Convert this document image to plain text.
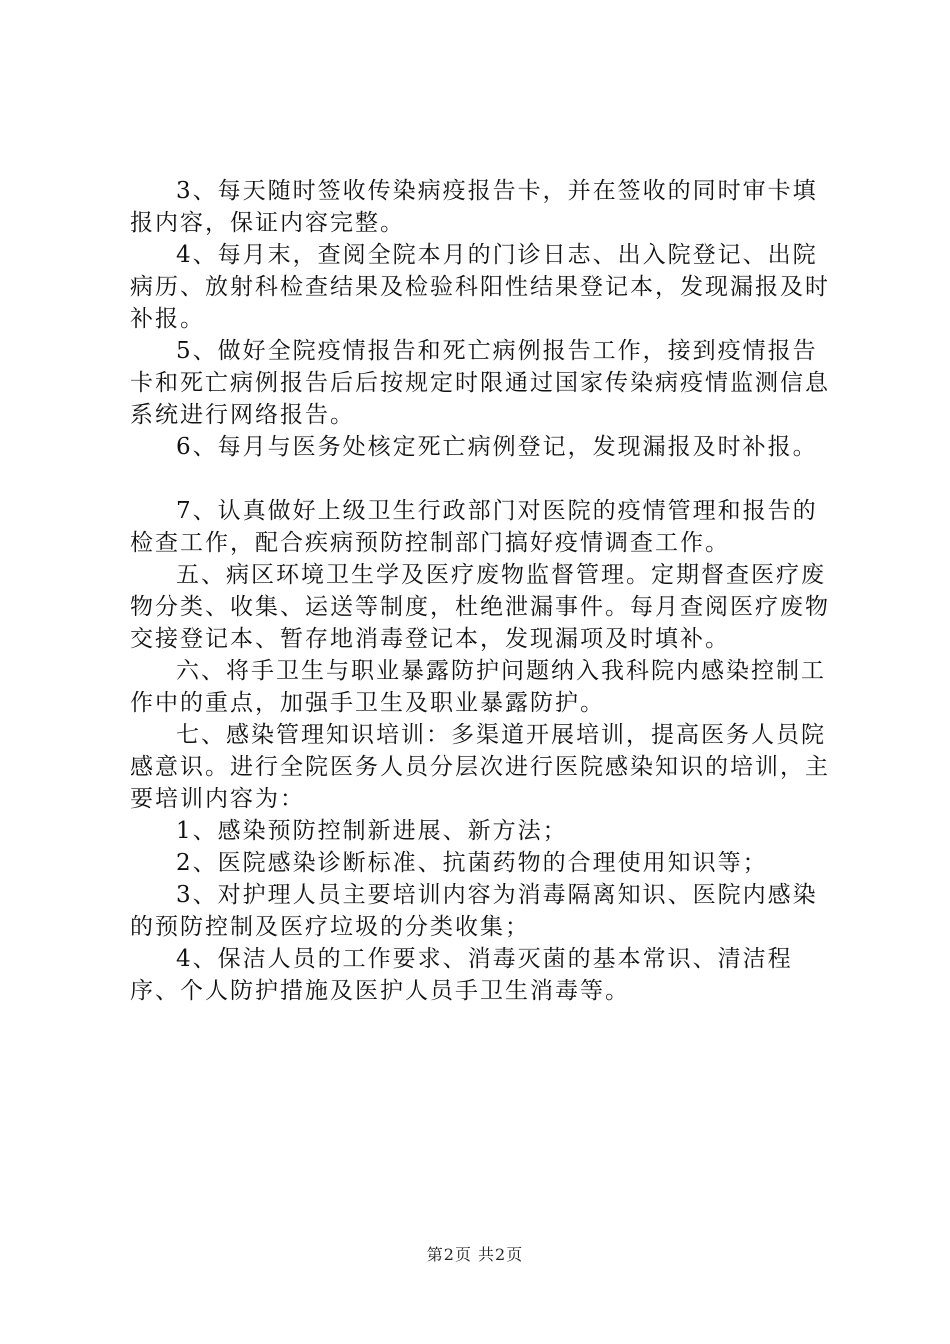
3、每天随时签收传染病疫报告卡，并在签收的同时审卡填报内容，保证内容完整。

4、每月末，查阅全院本月的门诊日志、出入院登记、出院病历、放射科检查结果及检验科阳性结果登记本，发现漏报及时补报。

5、做好全院疫情报告和死亡病例报告工作，接到疫情报告卡和死亡病例报告后后按规定时限通过国家传染病疫情监测信息系统进行网络报告。

6、每月与医务处核定死亡病例登记，发现漏报及时补报。

7、认真做好上级卫生行政部门对医院的疫情管理和报告的检查工作，配合疾病预防控制部门搞好疫情调查工作。

五、病区环境卫生学及医疗废物监督管理。定期督查医疗废物分类、收集、运送等制度，杜绝泄漏事件。每月查阅医疗废物交接登记本、暂存地消毒登记本，发现漏项及时填补。

六、将手卫生与职业暴露防护问题纳入我科院内感染控制工作中的重点，加强手卫生及职业暴露防护。

七、感染管理知识培训：多渠道开展培训，提高医务人员院感意识。进行全院医务人员分层次进行医院感染知识的培训，主要培训内容为：

1、感染预防控制新进展、新方法；

2、医院感染诊断标准、抗菌药物的合理使用知识等；

3、对护理人员主要培训内容为消毒隔离知识、医院内感染的预防控制及医疗垃圾的分类收集；

4、保洁人员的工作要求、消毒灭菌的基本常识、清洁程序、个人防护措施及医护人员手卫生消毒等。

第2页 共2页
